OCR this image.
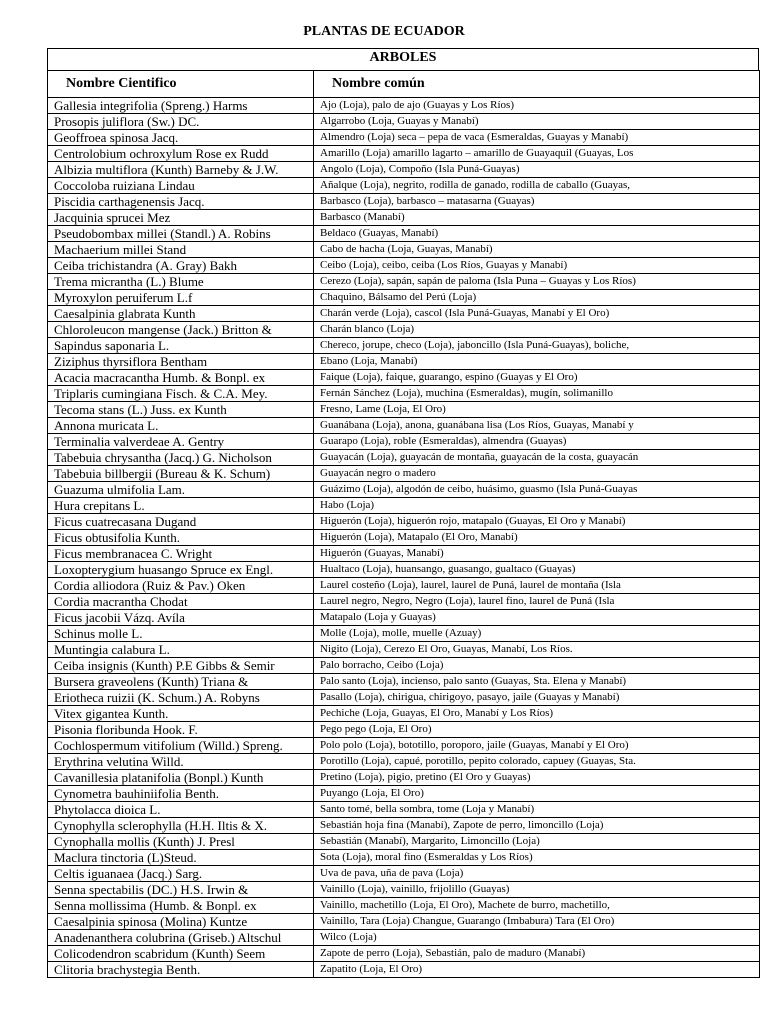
PLANTAS DE ECUADOR
ARBOLES
Nombre Cientifico	Nombre común
Gallesia integrifolia (Spreng.) Harms	Ajo (Loja), palo de ajo (Guayas y Los Ríos)
Prosopis juliflora (Sw.) DC.	Algarrobo (Loja, Guayas y Manabí)
Geoffroea spinosa Jacq.	Almendro (Loja) seca – pepa de vaca (Esmeraldas, Guayas y Manabí)
Centrolobium ochroxylum Rose ex Rudd	Amarillo (Loja) amarillo lagarto – amarillo de Guayaquil (Guayas, Los
Albizia multiflora (Kunth) Barneby & J.W.	Angolo (Loja), Compoño (Isla Puná-Guayas)
Coccoloba ruiziana Lindau	Añalque (Loja), negrito, rodilla de ganado, rodilla de caballo (Guayas,
Piscidia carthagenensis Jacq.	Barbasco (Loja), barbasco – matasarna (Guayas)
Jacquinia sprucei Mez	Barbasco (Manabí)
Pseudobombax millei (Standl.) A. Robins	Beldaco (Guayas, Manabí)
Machaerium millei Stand	Cabo de hacha (Loja, Guayas, Manabí)
Ceiba trichistandra (A. Gray) Bakh	Ceibo (Loja), ceibo, ceiba (Los Ríos, Guayas y Manabí)
Trema micrantha (L.) Blume	Cerezo (Loja), sapán, sapán de paloma (Isla Puna – Guayas y Los Ríos)
Myroxylon peruiferum L.f	Chaquino, Bálsamo del Perú (Loja)
Caesalpinia glabrata Kunth	Charán verde (Loja), cascol (Isla Puná-Guayas, Manabí y El Oro)
Chloroleucon mangense (Jack.) Britton &	Charán blanco (Loja)
Sapindus saponaria L.	Chereco, jorupe, checo (Loja), jaboncillo (Isla Puná-Guayas), boliche,
Ziziphus thyrsiflora Bentham	Ebano (Loja, Manabí)
Acacia macracantha Humb. & Bonpl. ex	Faique (Loja), faique, guarango, espino (Guayas y El Oro)
Triplaris cumingiana Fisch. & C.A. Mey.	Fernán Sánchez (Loja), muchina (Esmeraldas), mugín, solimanillo
Tecoma stans (L.) Juss. ex Kunth	Fresno, Lame (Loja, El Oro)
Annona muricata L.	Guanábana (Loja), anona, guanábana lisa (Los Ríos, Guayas, Manabí y
Terminalia valverdeae A. Gentry	Guarapo (Loja), roble (Esmeraldas), almendra (Guayas)
Tabebuia chrysantha (Jacq.) G. Nicholson	Guayacán (Loja), guayacán de montaña, guayacán de la costa, guayacán
Tabebuia billbergii (Bureau & K. Schum)	Guayacán negro o madero
Guazuma ulmifolia Lam.	Guázimo (Loja), algodón de ceibo, huásimo, guasmo (Isla Puná-Guayas
Hura crepitans L.	Habo (Loja)
Ficus cuatrecasana Dugand	Higuerón (Loja), higuerón rojo, matapalo (Guayas, El Oro y Manabí)
Ficus obtusifolia Kunth.	Higuerón (Loja), Matapalo (El Oro, Manabí)
Ficus membranacea C. Wright	Higuerón (Guayas, Manabí)
Loxopterygium huasango Spruce ex Engl.	Hualtaco (Loja), huansango, guasango, gualtaco (Guayas)
Cordia alliodora (Ruiz & Pav.) Oken	Laurel costeño (Loja), laurel, laurel de Puná, laurel de montaña (Isla
Cordia macrantha Chodat	Laurel negro, Negro, Negro (Loja), laurel fino, laurel de Puná (Isla
Ficus jacobii Vázq. Avíla	Matapalo (Loja y Guayas)
Schinus molle L.	Molle (Loja), molle, muelle (Azuay)
Muntingia calabura L.	Nigito (Loja), Cerezo El Oro, Guayas, Manabí, Los Ríos.
Ceiba insignis (Kunth) P.E Gibbs & Semir	Palo borracho, Ceibo (Loja)
Bursera graveolens (Kunth) Triana &	Palo santo (Loja), incienso, palo santo (Guayas, Sta. Elena y Manabí)
Eriotheca ruizii (K. Schum.) A. Robyns	Pasallo (Loja), chirigua, chirigoyo, pasayo, jaile (Guayas y Manabí)
Vitex gigantea Kunth.	Pechiche (Loja, Guayas, El Oro, Manabí y Los Ríos)
Pisonia floribunda Hook. F.	Pego pego (Loja, El Oro)
Cochlospermum vitifolium (Willd.) Spreng.	Polo polo (Loja), bototillo, poroporo, jaile (Guayas, Manabí y El Oro)
Erythrina velutina Willd.	Porotillo (Loja), capué, porotillo, pepito colorado, capuey (Guayas, Sta.
Cavanillesia platanifolia (Bonpl.) Kunth	Pretino (Loja), pigio, pretino (El Oro y Guayas)
Cynometra bauhiniifolia Benth.	Puyango (Loja, El Oro)
Phytolacca dioica L.	Santo tomé, bella sombra, tome (Loja y Manabí)
Cynophylla sclerophylla (H.H. Iltis & X.	Sebastián hoja fina (Manabí), Zapote de perro, limoncillo (Loja)
Cynophalla mollis (Kunth) J. Presl	Sebastián (Manabí), Margarito, Limoncillo (Loja)
Maclura tinctoria (L)Steud.	Sota (Loja), moral fino (Esmeraldas y Los Ríos)
Celtis iguanaea (Jacq.) Sarg.	Uva de pava, uña de pava (Loja)
Senna spectabilis (DC.) H.S. Irwin &	Vainillo (Loja), vainillo, frijolillo (Guayas)
Senna mollissima (Humb. & Bonpl. ex	Vainillo, machetillo (Loja, El Oro), Machete de burro, machetillo,
Caesalpinia spinosa (Molina) Kuntze	Vainillo, Tara (Loja) Changue, Guarango (Imbabura) Tara (El Oro)
Anadenanthera colubrina (Griseb.) Altschul	Wilco (Loja)
Colicodendron scabridum (Kunth) Seem	Zapote de perro (Loja), Sebastián, palo de maduro (Manabí)
Clitoria brachystegia Benth.	Zapatito (Loja, El Oro)
